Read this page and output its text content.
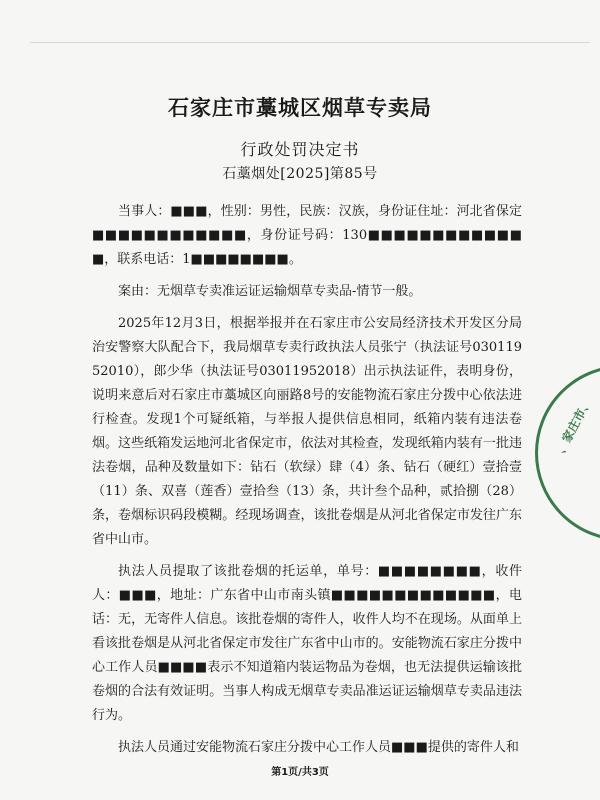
石家庄市藁城区烟草专卖局
行政处罚决定书
石藁烟处[2025]第85号

当事人：■■■，性别：男性，民族：汉族，身份证住址：河北省保定■■■■■■■■■■■■，身份证号码：130■■■■■■■■■■■■■，联系电话：1■■■■■■■■。

案由：无烟草专卖准运证运输烟草专卖品-情节一般。

2025年12月3日，根据举报并在石家庄市公安局经济技术开发区分局治安警察大队配合下，我局烟草专卖行政执法人员张宁（执法证号03011952010），郎少华（执法证号03011952018）出示执法证件，表明身份，说明来意后对石家庄市藁城区向丽路8号的安能物流石家庄分拨中心依法进行检查。发现1个可疑纸箱，与举报人提供信息相同，纸箱内装有违法卷烟。这些纸箱发运地河北省保定市，依法对其检查，发现纸箱内装有一批违法卷烟，品种及数量如下：钻石（软绿）肆（4）条、钻石（硬红）壹拾壹（11）条、双喜（莲香）壹拾叁（13）条，共计叁个品种，贰拾捌（28）条，卷烟标识码段模糊。经现场调查，该批卷烟是从河北省保定市发往广东省中山市。

执法人员提取了该批卷烟的托运单，单号：■■■■■■■■，收件人：■■■，地址：广东省中山市南头镇■■■■■■■■■■■■■，电话：无，无寄件人信息。该批卷烟的寄件人，收件人均不在现场。从面单上看该批卷烟是从河北省保定市发往广东省中山市的。安能物流石家庄分拨中心工作人员■■■■表示不知道箱内装运物品为卷烟，也无法提供运输该批卷烟的合法有效证明。当事人构成无烟草专卖品准运证运输烟草专卖品违法行为。

执法人员通过安能物流石家庄分拨中心工作人员■■■提供的寄件人和

、家庄市、
第1页/共3页
